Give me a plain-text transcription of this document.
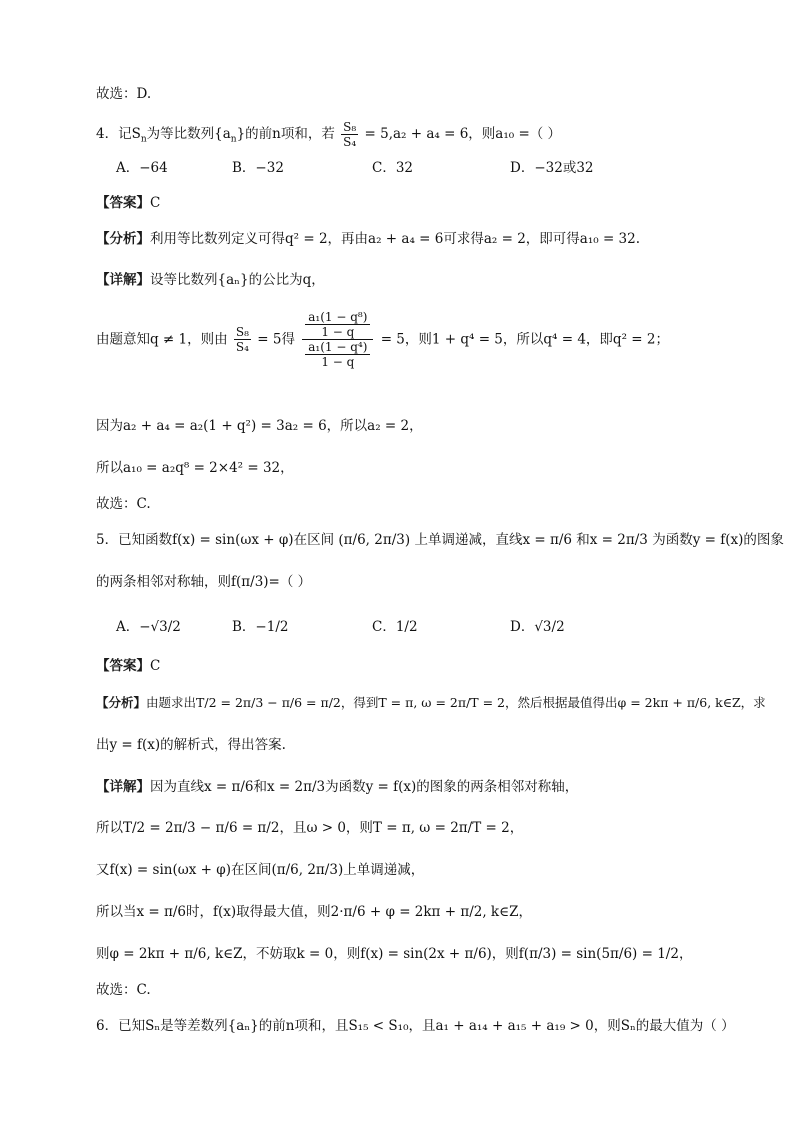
故选：D.
4．记$S_n$为等比数列$\{a_n\}$的前n项和，若 $\frac{\text{S₈}}{\text{S₄}} = 5,a_2 + a_4 = 6$，则a₁₀ =（ ）
A．−64	B．−32	C．32	D．−32或32
【答案】C
【分析】利用等比数列定义可得q² = 2，再由a₂ + a₄ = 6可求得a₂ = 2，即可得a₁₀ = 32.
【详解】设等比数列{aₙ}的公比为q，
由题意知q ≠ 1，则由 $\frac{\text{S₈}}{\text{S₄}} = 5$得 $\frac{\frac{\text{a₁(1 − q⁸)}}{1 - q}}{\frac{\text{a₁(1 − q⁴)}}{1 - q}} = 5$，则1 + q⁴ = 5，所以q⁴ = 4，即q² = 2；
因为a₂ + a₄ = a₂(1 + q²) = 3a₂ = 6，所以a₂ = 2，
所以a₁₀ = a₂q⁸ = 2×4² = 32，
故选：C.
5．已知函数f(x) = sin(ωx + φ)在区间 (π/6, 2π/3) 上单调递减，直线x = π/6 和x = 2π/3 为函数y = f(x)的图象
的两条相邻对称轴，则f(π/3)=（ ）
A．−√3/2	B．−1/2	C．1/2	D．√3/2
【答案】C
【分析】由题求出T/2 = 2π/3 − π/6 = π/2，得到T = π, ω = 2π/T = 2，然后根据最值得出φ = 2kπ + π/6, k∈Z，求
出y = f(x)的解析式，得出答案.
【详解】因为直线x = π/6和x = 2π/3为函数y = f(x)的图象的两条相邻对称轴，
所以T/2 = 2π/3 − π/6 = π/2，且ω > 0，则T = π, ω = 2π/T = 2，
又f(x) = sin(ωx + φ)在区间(π/6, 2π/3)上单调递减，
所以当x = π/6时，f(x)取得最大值，则2·π/6 + φ = 2kπ + π/2, k∈Z，
则φ = 2kπ + π/6, k∈Z，不妨取k = 0，则f(x) = sin(2x + π/6)，则f(π/3) = sin(5π/6) = 1/2，
故选：C.
6．已知Sₙ是等差数列{aₙ}的前n项和，且S₁₅ < S₁₀，且a₁ + a₁₄ + a₁₅ + a₁₉ > 0，则Sₙ的最大值为（ ）
